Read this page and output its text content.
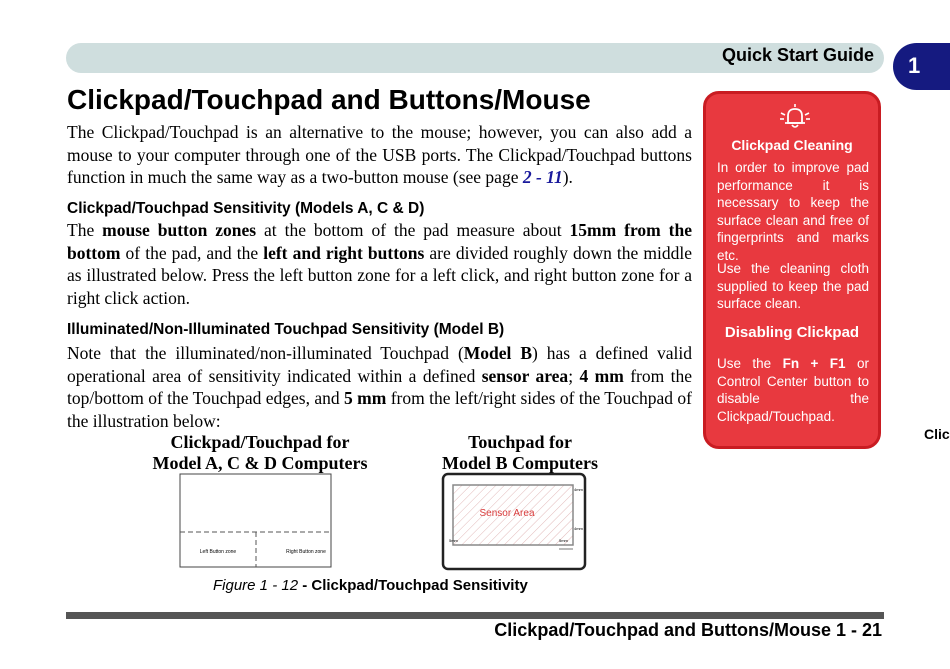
Quick Start Guide 1
Clic
Clickpad/Touchpad and Buttons/Mouse

The Clickpad/Touchpad is an alternative to the mouse; however, you can also add a mouse to your computer through one of the USB ports. The Clickpad/Touchpad buttons function in much the same way as a two-button mouse (see page 2 - 11).

Clickpad/Touchpad Sensitivity (Models A, C & D)

The mouse button zones at the bottom of the pad measure about 15mm from the bottom of the pad, and the left and right buttons are divided roughly down the middle as illustrated below. Press the left button zone for a left click, and right button zone for a right click action.

Illuminated/Non-Illuminated Touchpad Sensitivity (Model B)

Note that the illuminated/non-illuminated Touchpad (Model B) has a defined valid operational area of sensitivity indicated within a defined sensor area; 4 mm from the top/bottom of the Touchpad edges, and 5 mm from the left/right sides of the Touchpad of the illustration below:

Clickpad Cleaning

In order to improve pad performance it is necessary to keep the surface clean and free of fingerprints and marks etc.

Use the cleaning cloth supplied to keep the pad surface clean.

Disabling Clickpad

Use the Fn + F1 or Control Center button to disable the Clickpad/Touchpad.

Clickpad/Touchpad for
Model A, C & D Computers
Touchpad for
Model B Computers
Left Button zone	Right Button zone
Sensor Area
4mm
4mm
5mm	5mm
Figure 1 - 12 - Clickpad/Touchpad Sensitivity
Clickpad/Touchpad and Buttons/Mouse 1 - 21
